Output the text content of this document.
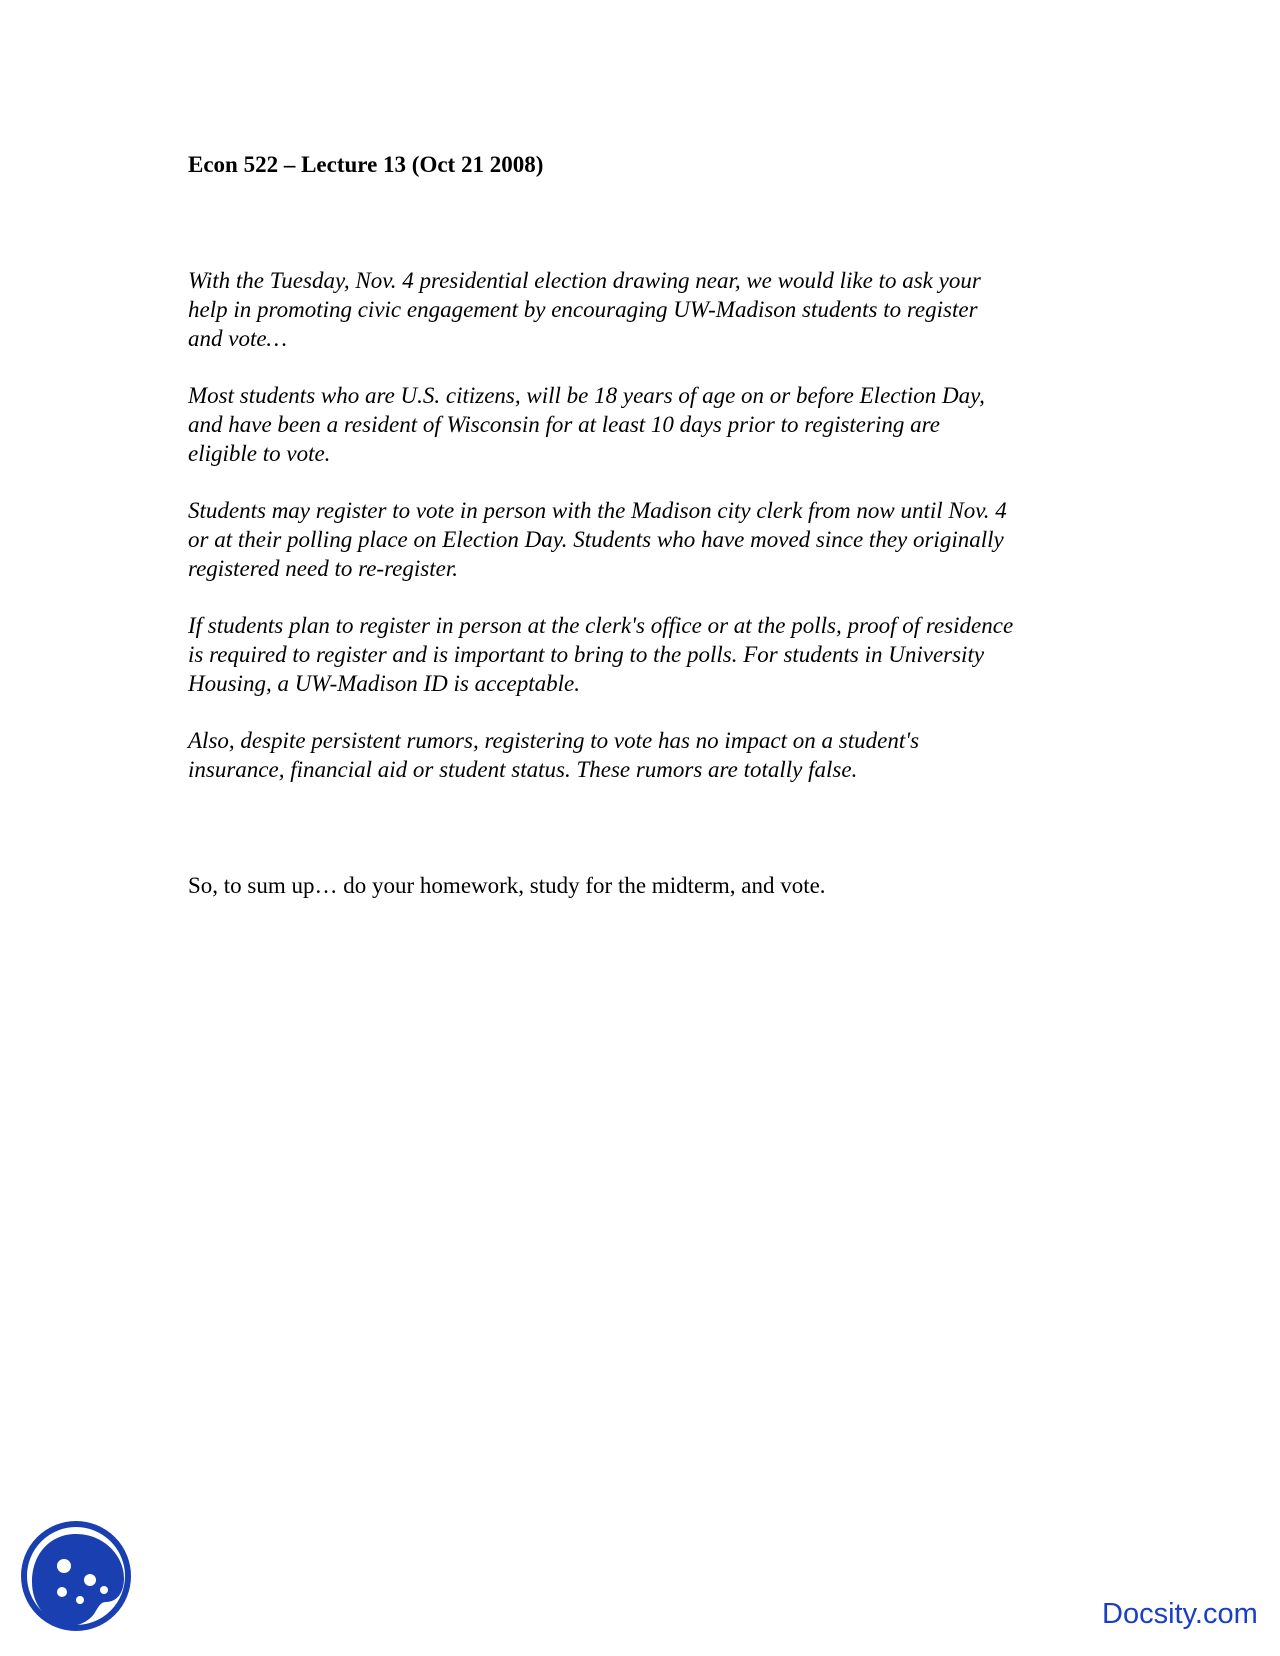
Econ 522 – Lecture 13 (Oct 21 2008)

With the Tuesday, Nov. 4 presidential election drawing near, we would like to ask your
help in promoting civic engagement by encouraging UW-Madison students to register
and vote…

Most students who are U.S. citizens, will be 18 years of age on or before Election Day,
and have been a resident of Wisconsin for at least 10 days prior to registering are
eligible to vote.

Students may register to vote in person with the Madison city clerk from now until Nov. 4
or at their polling place on Election Day. Students who have moved since they originally
registered need to re-register.

If students plan to register in person at the clerk's office or at the polls, proof of residence
is required to register and is important to bring to the polls. For students in University
Housing, a UW-Madison ID is acceptable.

Also, despite persistent rumors, registering to vote has no impact on a student's
insurance, financial aid or student status. These rumors are totally false.

So, to sum up… do your homework, study for the midterm, and vote.
Docsity.com
